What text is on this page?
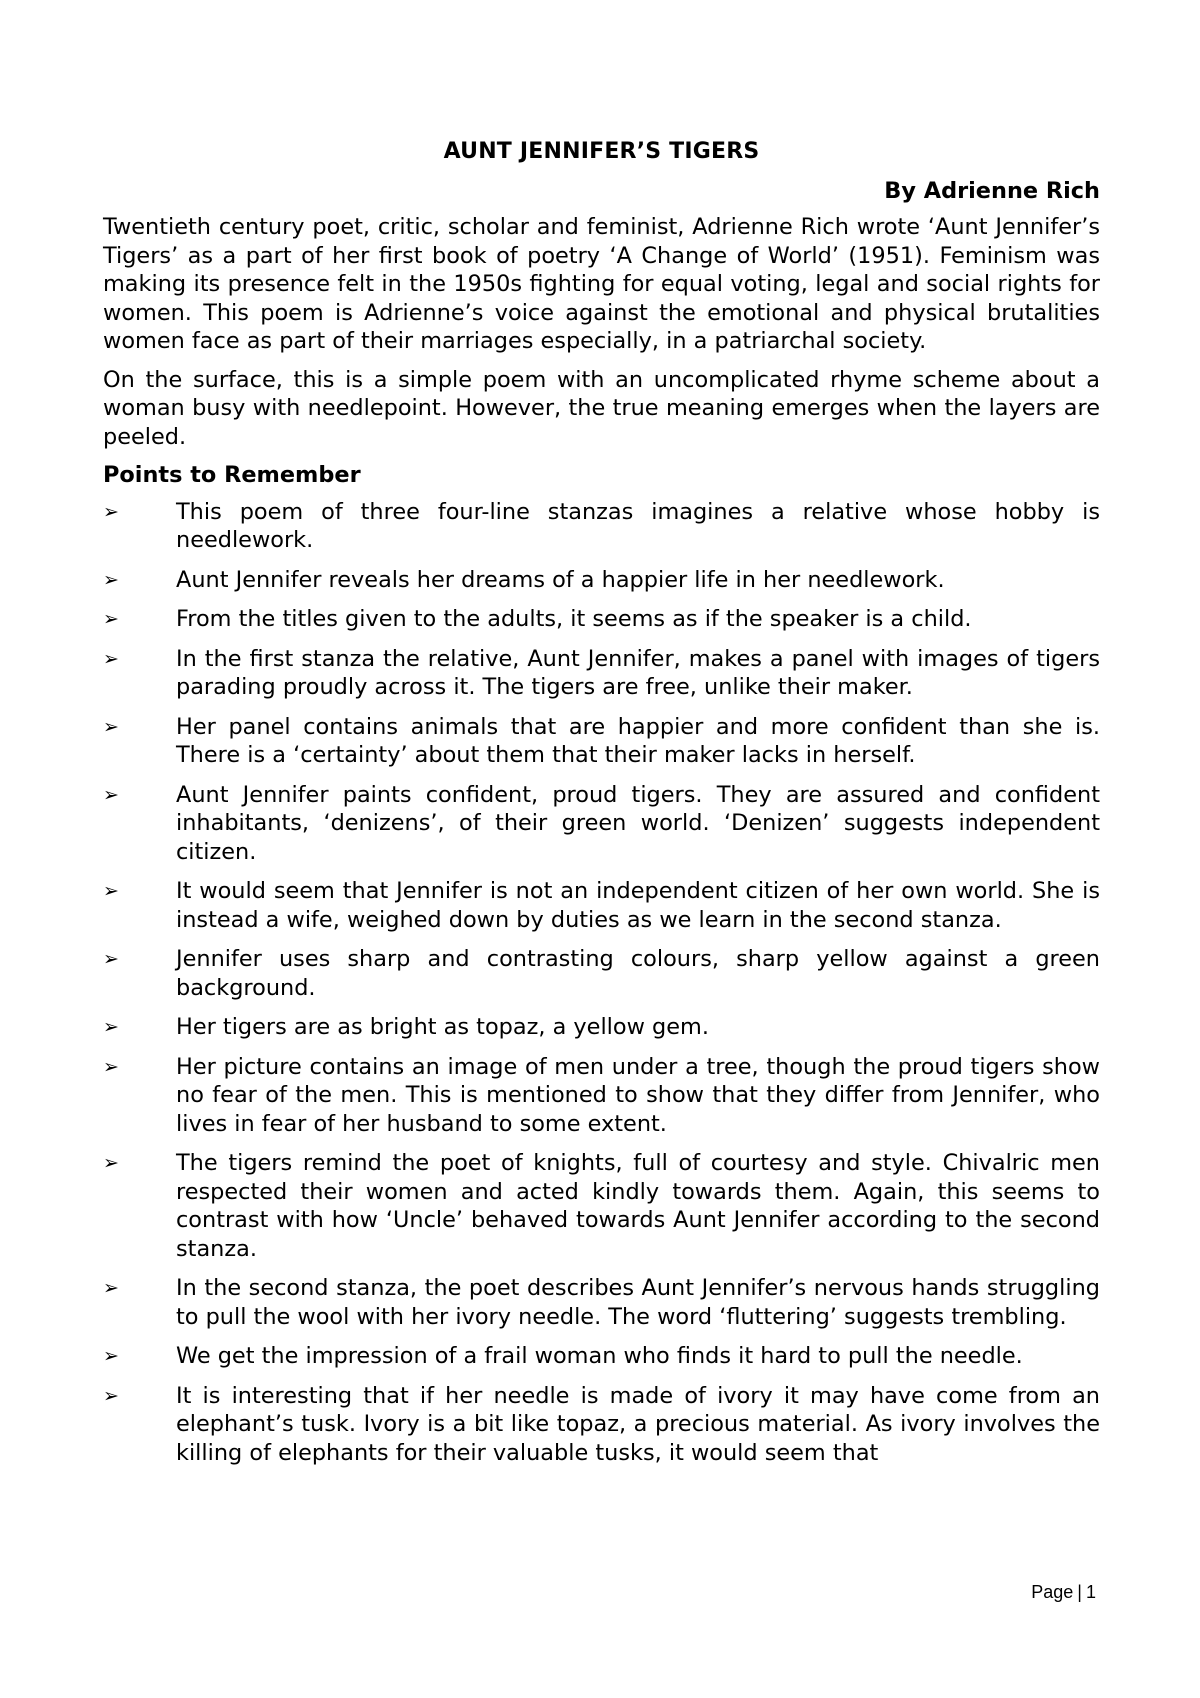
AUNT JENNIFER’S TIGERS
By Adrienne Rich

Twentieth century poet, critic, scholar and feminist, Adrienne Rich wrote ‘Aunt Jennifer’s Tigers’ as a part of her first book of poetry ‘A Change of World’ (1951). Feminism was making its presence felt in the 1950s fighting for equal voting, legal and social rights for women. This poem is Adrienne’s voice against the emotional and physical brutalities women face as part of their marriages especially, in a patriarchal society.

On the surface, this is a simple poem with an uncomplicated rhyme scheme about a woman busy with needlepoint. However, the true meaning emerges when the layers are peeled.

Points to Remember
➢	This poem of three four-line stanzas imagines a relative whose hobby is needlework.
➢	Aunt Jennifer reveals her dreams of a happier life in her needlework.
➢	From the titles given to the adults, it seems as if the speaker is a child.
➢	In the first stanza the relative, Aunt Jennifer, makes a panel with images of tigers parading proudly across it. The tigers are free, unlike their maker.
➢	Her panel contains animals that are happier and more confident than she is. There is a ‘certainty’ about them that their maker lacks in herself.
➢	Aunt Jennifer paints confident, proud tigers. They are assured and confident inhabitants, ‘denizens’, of their green world. ‘Denizen’ suggests independent citizen.
➢	It would seem that Jennifer is not an independent citizen of her own world. She is instead a wife, weighed down by duties as we learn in the second stanza.
➢	Jennifer uses sharp and contrasting colours, sharp yellow against a green background.
➢	Her tigers are as bright as topaz, a yellow gem.
➢	Her picture contains an image of men under a tree, though the proud tigers show no fear of the men. This is mentioned to show that they differ from Jennifer, who lives in fear of her husband to some extent.
➢	The tigers remind the poet of knights, full of courtesy and style. Chivalric men respected their women and acted kindly towards them. Again, this seems to contrast with how ‘Uncle’ behaved towards Aunt Jennifer according to the second stanza.
➢	In the second stanza, the poet describes Aunt Jennifer’s nervous hands struggling to pull the wool with her ivory needle. The word ‘fluttering’ suggests trembling.
➢	We get the impression of a frail woman who finds it hard to pull the needle.
➢	It is interesting that if her needle is made of ivory it may have come from an elephant’s tusk. Ivory is a bit like topaz, a precious material. As ivory involves the killing of elephants for their valuable tusks, it would seem that
Page | 1
